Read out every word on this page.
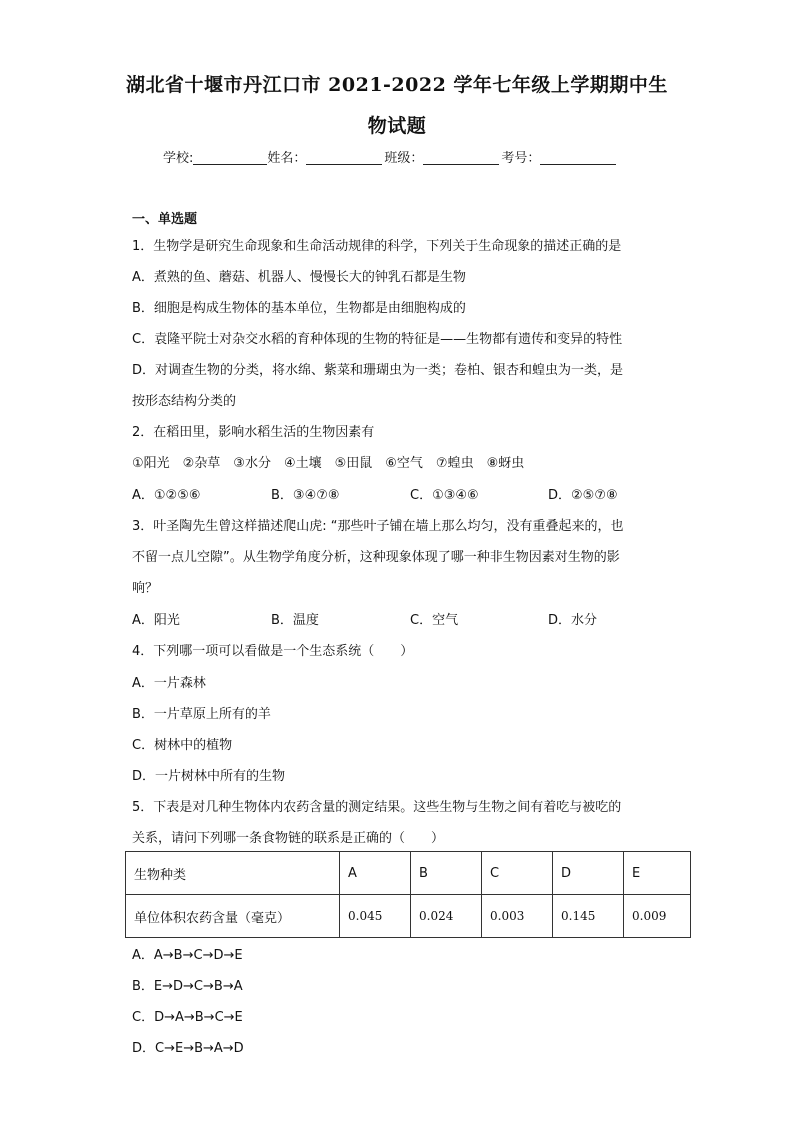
湖北省十堰市丹江口市 2021-2022 学年七年级上学期期中生
物试题
学校:	姓名：	班级：	考号：
一、单选题
1．生物学是研究生命现象和生命活动规律的科学，下列关于生命现象的描述正确的是
A．煮熟的鱼、蘑菇、机器人、慢慢长大的钟乳石都是生物
B．细胞是构成生物体的基本单位，生物都是由细胞构成的
C．袁隆平院士对杂交水稻的育种体现的生物的特征是——生物都有遗传和变异的特性
D．对调查生物的分类，将水绵、紫菜和珊瑚虫为一类；卷柏、银杏和蝗虫为一类，是
按形态结构分类的
2．在稻田里，影响水稻生活的生物因素有
①阳光　②杂草　③水分　④土壤　⑤田鼠　⑥空气　⑦蝗虫　⑧蚜虫
A．①②⑤⑥	B．③④⑦⑧	C．①③④⑥	D．②⑤⑦⑧
3．叶圣陶先生曾这样描述爬山虎: “那些叶子铺在墙上那么均匀，没有重叠起来的，也
不留一点儿空隙”。从生物学角度分析，这种现象体现了哪一种非生物因素对生物的影
响？
A．阳光	B．温度	C．空气	D．水分
4．下列哪一项可以看做是一个生态系统（　　）
A．一片森林
B．一片草原上所有的羊
C．树林中的植物
D．一片树林中所有的生物
5．下表是对几种生物体内农药含量的测定结果。这些生物与生物之间有着吃与被吃的
关系，请问下列哪一条食物链的联系是正确的（　　）
生物种类	A	B	C	D	E
单位体积农药含量（毫克）	0.045	0.024	0.003	0.145	0.009
A．A→B→C→D→E
B．E→D→C→B→A
C．D→A→B→C→E
D．C→E→B→A→D
